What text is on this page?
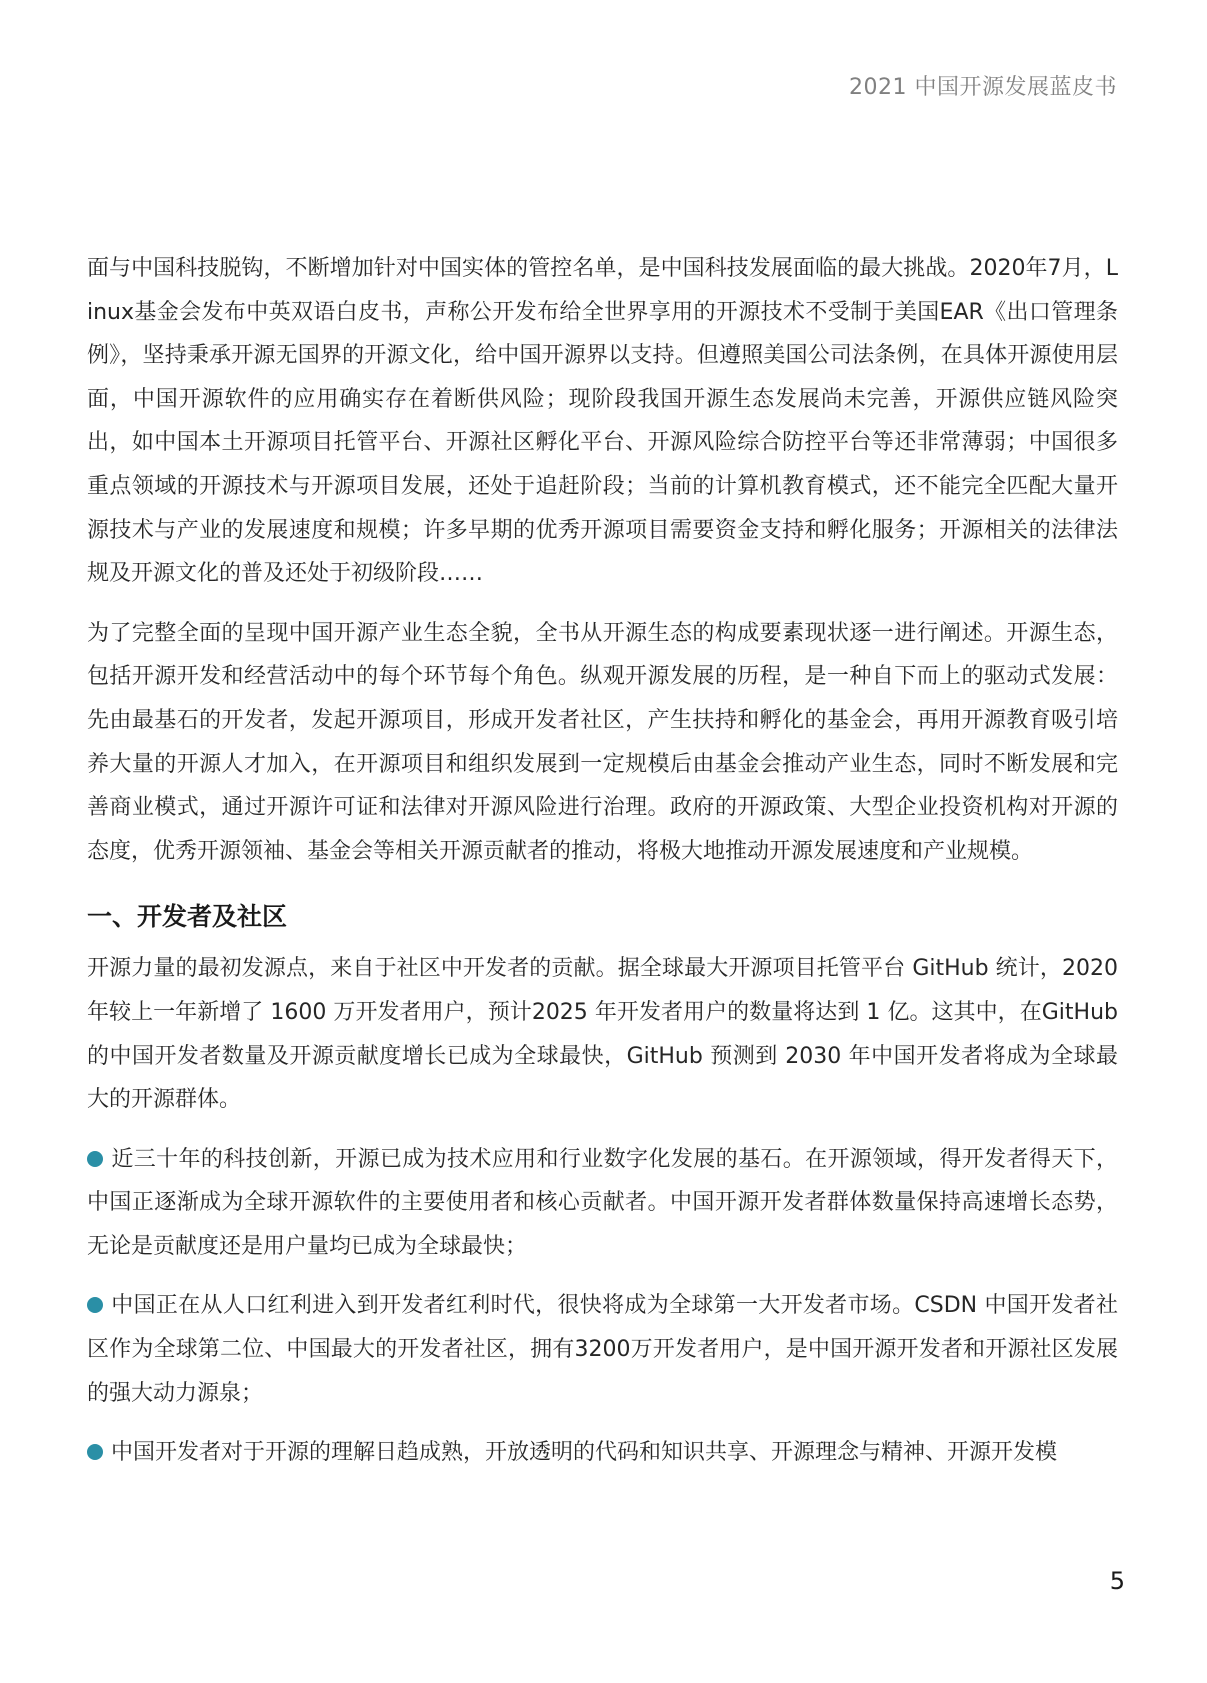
2021 中国开源发展蓝皮书

面与中国科技脱钩，不断增加针对中国实体的管控名单，是中国科技发展面临的最大挑战。2020年7月，Linux基金会发布中英双语白皮书，声称公开发布给全世界享用的开源技术不受制于美国EAR《出口管理条例》，坚持秉承开源无国界的开源文化，给中国开源界以支持。但遵照美国公司法条例，在具体开源使用层面，中国开源软件的应用确实存在着断供风险；现阶段我国开源生态发展尚未完善，开源供应链风险突出，如中国本土开源项目托管平台、开源社区孵化平台、开源风险综合防控平台等还非常薄弱；中国很多重点领域的开源技术与开源项目发展，还处于追赶阶段；当前的计算机教育模式，还不能完全匹配大量开源技术与产业的发展速度和规模；许多早期的优秀开源项目需要资金支持和孵化服务；开源相关的法律法规及开源文化的普及还处于初级阶段……

为了完整全面的呈现中国开源产业生态全貌，全书从开源生态的构成要素现状逐一进行阐述。开源生态，包括开源开发和经营活动中的每个环节每个角色。纵观开源发展的历程，是一种自下而上的驱动式发展：先由最基石的开发者，发起开源项目，形成开发者社区，产生扶持和孵化的基金会，再用开源教育吸引培养大量的开源人才加入，在开源项目和组织发展到一定规模后由基金会推动产业生态，同时不断发展和完善商业模式，通过开源许可证和法律对开源风险进行治理。政府的开源政策、大型企业投资机构对开源的态度，优秀开源领袖、基金会等相关开源贡献者的推动，将极大地推动开源发展速度和产业规模。

一、开发者及社区

开源力量的最初发源点，来自于社区中开发者的贡献。据全球最大开源项目托管平台 GitHub 统计，2020年较上一年新增了 1600 万开发者用户，预计2025 年开发者用户的数量将达到 1 亿。这其中，在GitHub 的中国开发者数量及开源贡献度增长已成为全球最快，GitHub 预测到 2030 年中国开发者将成为全球最大的开源群体。

近三十年的科技创新，开源已成为技术应用和行业数字化发展的基石。在开源领域，得开发者得天下，中国正逐渐成为全球开源软件的主要使用者和核心贡献者。中国开源开发者群体数量保持高速增长态势，无论是贡献度还是用户量均已成为全球最快；

中国正在从人口红利进入到开发者红利时代，很快将成为全球第一大开发者市场。CSDN 中国开发者社区作为全球第二位、中国最大的开发者社区，拥有3200万开发者用户，是中国开源开发者和开源社区发展的强大动力源泉；

中国开发者对于开源的理解日趋成熟，开放透明的代码和知识共享、开源理念与精神、开源开发模

5
